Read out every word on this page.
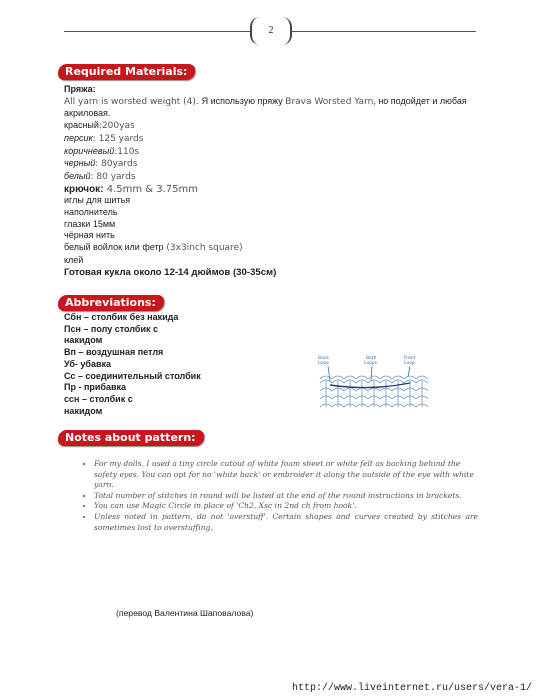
2
Required Materials:
Пряжа:
All yarn is worsted weight (4). Я использую пряжу Brava Worsted Yarn, но подойдет и любая
акриловая.
красный:200yas
персик: 125 yards
коричневый:110s
черный: 80yards
белый: 80 yards
крючок: 4.5mm & 3.75mm
иглы для шитья
наполнитель
глазки 15мм
чёрная нить
белый войлок или фетр (3x3inch square)
клей
Готовая кукла около 12-14 дюймов (30-35см)
Abbreviations:
Сбн – столбик без накида
Псн – полу столбик с
накидом
Вп – воздушная петля
Уб- убавка
Сс – соединительный столбик
Пр - прибавка
ссн – столбик с
накидом
Back Loop
Both Loops
Front Loop
Notes about pattern:
• For my dolls, I used a tiny circle cutout of white foam sheet or white felt as backing behind the safety eyes. You can opt for no 'white back' or embroider it along the outside of the eye with white yarn.
• Total number of stitches in round will be listed at the end of the round instructions in brackets.
• You can use Magic Circle in place of 'Ch2, Xsc in 2nd ch from hook'.
• Unless noted in pattern, do not 'overstuff'. Certain shapes and curves created by stitches are sometimes lost to overstuffing.
(перевод Валентина Шаповалова)
http://www.liveinternet.ru/users/vera-1/
